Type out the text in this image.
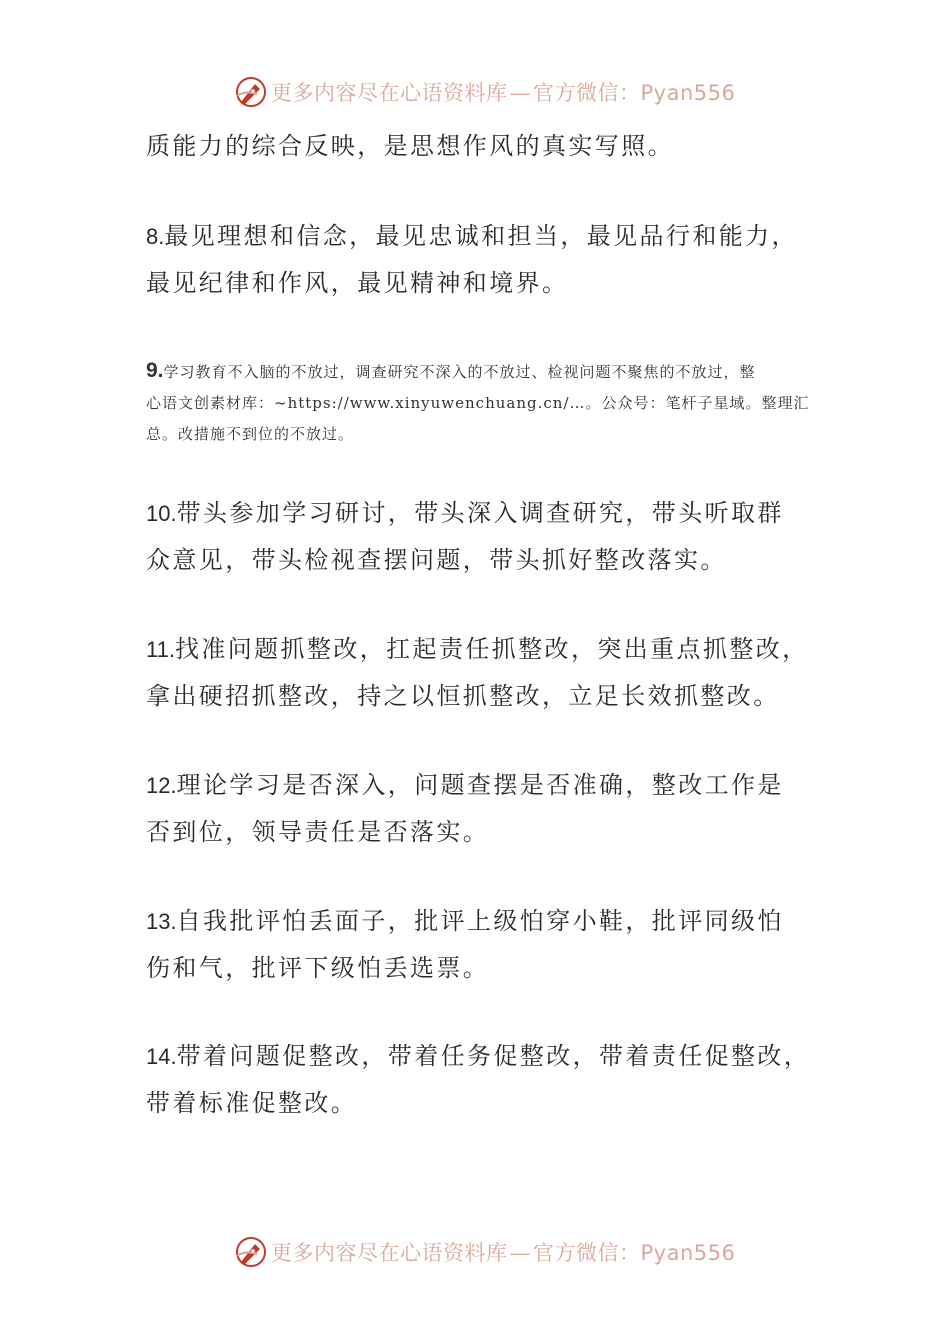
更多内容尽在心语资料库—官方微信：Pyan556

质能力的综合反映，是思想作风的真实写照。

8.最见理想和信念，最见忠诚和担当，最见品行和能力，

最见纪律和作风，最见精神和境界。

9.学习教育不入脑的不放过，调查研究不深入的不放过、检视问题不聚焦的不放过，整

心语文创素材库：~https://www.xinyuwenchuang.cn/…。公众号：笔杆子星域。整理汇

总。改措施不到位的不放过。

10.带头参加学习研讨，带头深入调查研究，带头听取群

众意见，带头检视查摆问题，带头抓好整改落实。

11.找准问题抓整改，扛起责任抓整改，突出重点抓整改，

拿出硬招抓整改，持之以恒抓整改，立足长效抓整改。

12.理论学习是否深入，问题查摆是否准确，整改工作是

否到位，领导责任是否落实。

13.自我批评怕丢面子，批评上级怕穿小鞋，批评同级怕

伤和气，批评下级怕丢选票。

14.带着问题促整改，带着任务促整改，带着责任促整改，

带着标准促整改。

更多内容尽在心语资料库—官方微信：Pyan556
